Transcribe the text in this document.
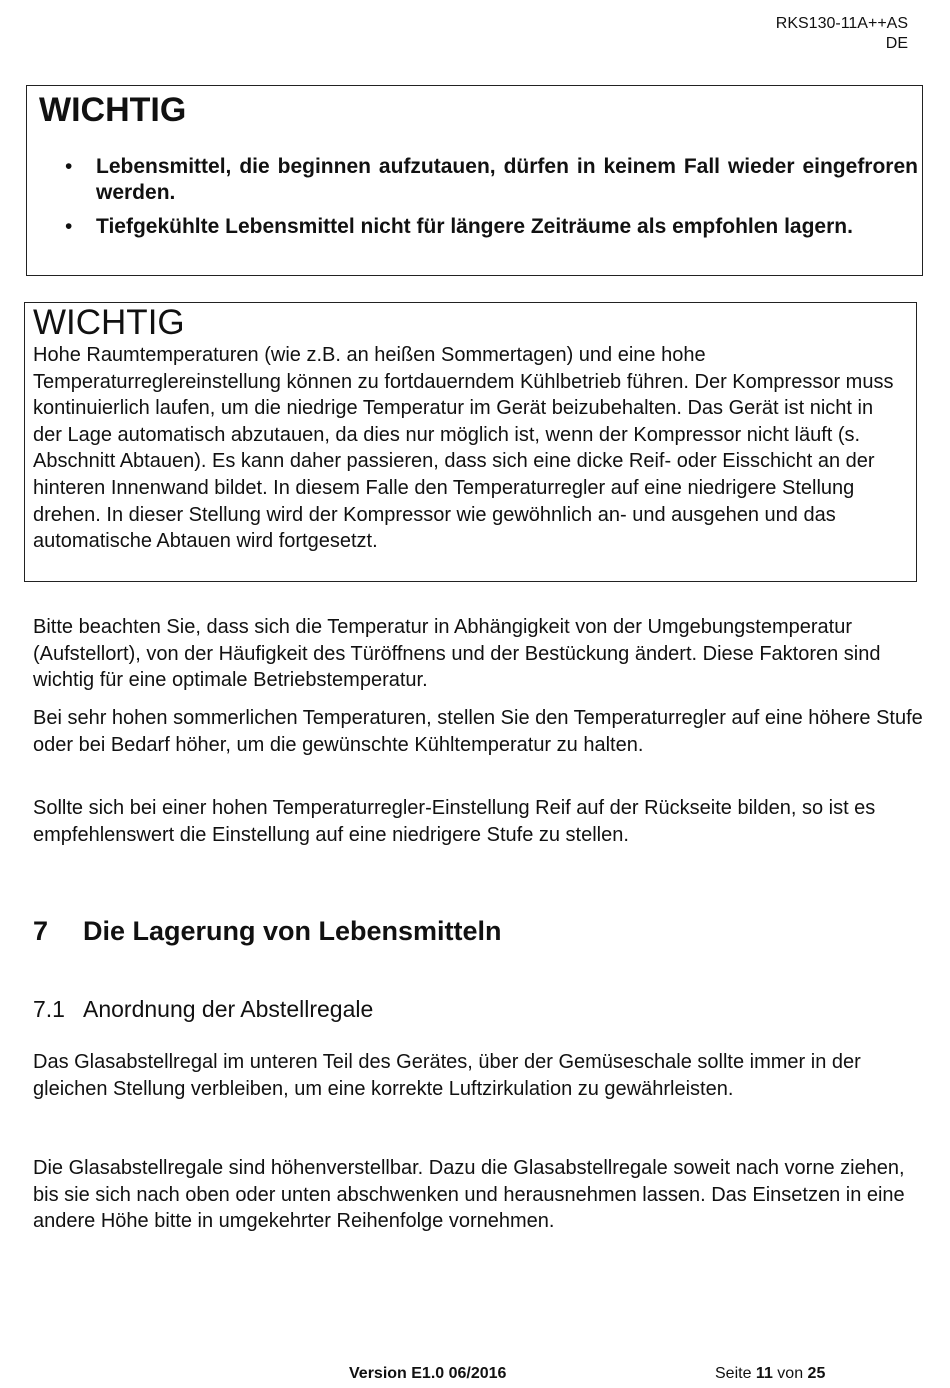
RKS130-11A++AS
DE
WICHTIG
• Lebensmittel, die beginnen aufzutauen, dürfen in keinem Fall wieder eingefroren werden.
• Tiefgekühlte Lebensmittel nicht für längere Zeiträume als empfohlen lagern.
WICHTIG
Hohe Raumtemperaturen (wie z.B. an heißen Sommertagen) und eine hohe Temperaturreglereinstellung können zu fortdauerndem Kühlbetrieb führen. Der Kompressor muss kontinuierlich laufen, um die niedrige Temperatur im Gerät beizubehalten. Das Gerät ist nicht in der Lage automatisch abzutauen, da dies nur möglich ist, wenn der Kompressor nicht läuft (s. Abschnitt Abtauen). Es kann daher passieren, dass sich eine dicke Reif- oder Eisschicht an der hinteren Innenwand bildet. In diesem Falle den Temperaturregler auf eine niedrigere Stellung drehen. In dieser Stellung wird der Kompressor wie gewöhnlich an- und ausgehen und das automatische Abtauen wird fortgesetzt.

Bitte beachten Sie, dass sich die Temperatur in Abhängigkeit von der Umgebungstemperatur (Aufstellort), von der Häufigkeit des Türöffnens und der Bestückung ändert. Diese Faktoren sind wichtig für eine optimale Betriebstemperatur.

Bei sehr hohen sommerlichen Temperaturen, stellen Sie den Temperaturregler auf eine höhere Stufe oder bei Bedarf höher, um die gewünschte Kühltemperatur zu halten.

Sollte sich bei einer hohen Temperaturregler-Einstellung Reif auf der Rückseite bilden, so ist es empfehlenswert die Einstellung auf eine niedrigere Stufe zu stellen.

7 Die Lagerung von Lebensmitteln
7.1 Anordnung der Abstellregale

Das Glasabstellregal im unteren Teil des Gerätes, über der Gemüseschale sollte immer in der gleichen Stellung verbleiben, um eine korrekte Luftzirkulation zu gewährleisten.

Die Glasabstellregale sind höhenverstellbar. Dazu die Glasabstellregale soweit nach vorne ziehen, bis sie sich nach oben oder unten abschwenken und herausnehmen lassen. Das Einsetzen in eine andere Höhe bitte in umgekehrter Reihenfolge vornehmen.

Version E1.0 06/2016	Seite 11 von 25
